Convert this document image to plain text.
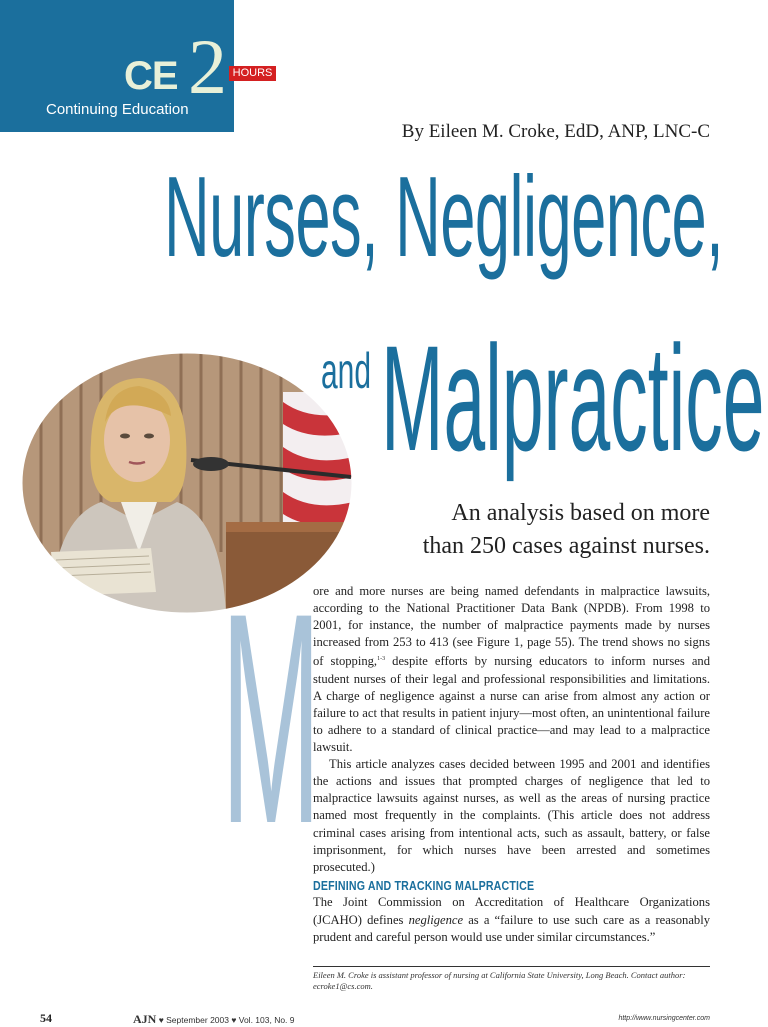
CE 2
Continuing Education
HOURS
By Eileen M. Croke, EdD, ANP, LNC-C
Nurses, Negligence,
and Malpractice
An analysis based on more
than 250 cases against nurses.
M

ore and more nurses are being named defendants in malpractice lawsuits, according to the National Practitioner Data Bank (NPDB). From 1998 to 2001, for instance, the number of malpractice payments made by nurses increased from 253 to 413 (see Figure 1, page 55). The trend shows no signs of stopping,$^{1-3}$ despite efforts by nursing educators to inform nurses and student nurses of their legal and professional responsibilities and limitations. A charge of negligence against a nurse can arise from almost any action or failure to act that results in patient injury—most often, an unintentional failure to adhere to a standard of clinical practice—and may lead to a malpractice lawsuit.

This article analyzes cases decided between 1995 and 2001 and identifies the actions and issues that prompted charges of negligence that led to malpractice lawsuits against nurses, as well as the areas of nursing practice named most frequently in the complaints. (This article does not address criminal cases arising from intentional acts, such as assault, battery, or false imprisonment, for which nurses have been arrested and sometimes prosecuted.)

DEFINING AND TRACKING MALPRACTICE

The Joint Commission on Accreditation of Healthcare Organizations (JCAHO) defines negligence as a “failure to use such care as a reasonably prudent and careful person would use under similar circumstances.”

Eileen M. Croke is assistant professor of nursing at California State University, Long Beach. Contact author: ecroke1@cs.com.
54	AJN ♥ September 2003 ♥ Vol. 103, No. 9	http://www.nursingcenter.com
